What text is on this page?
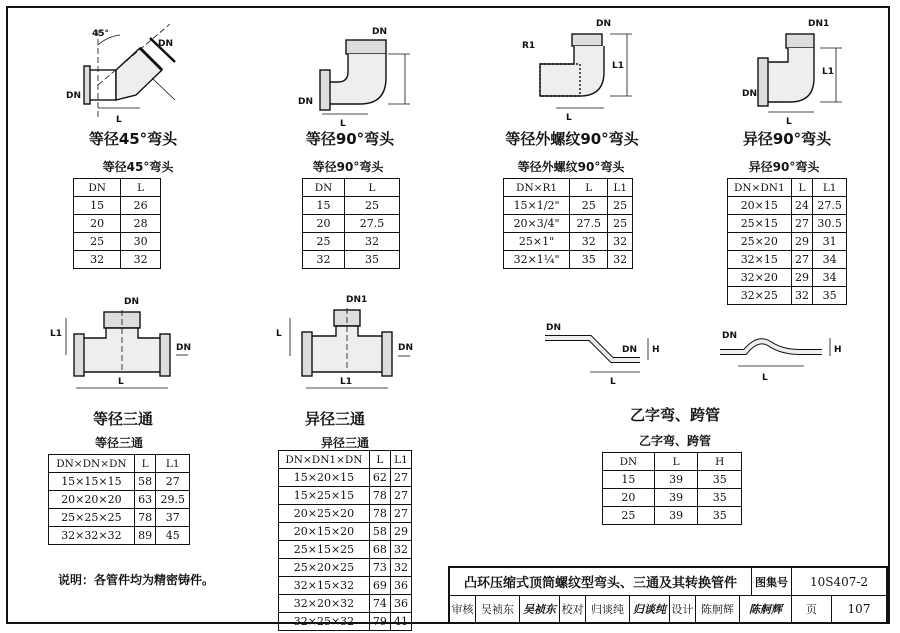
45°
DN
DN
L
DN
DN
L
DN
R1
L1
L
DN1
DN
L
L1
DN
L1
DN
L
DN1
L
DN
L1
DN
DN H
L
DN
H
L
等径45°弯头	等径90°弯头	等径外螺纹90°弯头	异径90°弯头
等径三通	异径三通	乙字弯、跨管
等径45°弯头	等径90°弯头	等径外螺纹90°弯头	异径90°弯头
等径三通	异径三通	乙字弯、跨管
DN	L
15	26
20	28
25	30
32	32
DN	L
15	25
20	27.5
25	32
32	35
DN×R1	L	L1
15×1/2"	25	25
20×3/4"	27.5	25
25×1"	32	32
32×1¼"	35	32
DN×DN1	L	L1
20×15	24	27.5
25×15	27	30.5
25×20	29	31
32×15	27	34
32×20	29	34
32×25	32	35
DN×DN×DN	L	L1
15×15×15	58	27
20×20×20	63	29.5
25×25×25	78	37
32×32×32	89	45
DN×DN1×DN	L	L1
15×20×15	62	27
15×25×15	78	27
20×25×20	78	27
20×15×20	58	29
25×15×25	68	32
25×20×25	73	32
32×15×32	69	36
32×20×32	74	36
32×25×32	79	41
DN	L	H
15	39	35
20	39	35
25	39	35
说明：各管件均为精密铸件。	凸环压缩式顶筒螺纹型弯头、三通及其转换管件	图集号	10S407-2
审核 吴祯东 吴祯东 校对 归谈纯 归谈纯 设计 陈舸辉	陈舸辉	页	107
